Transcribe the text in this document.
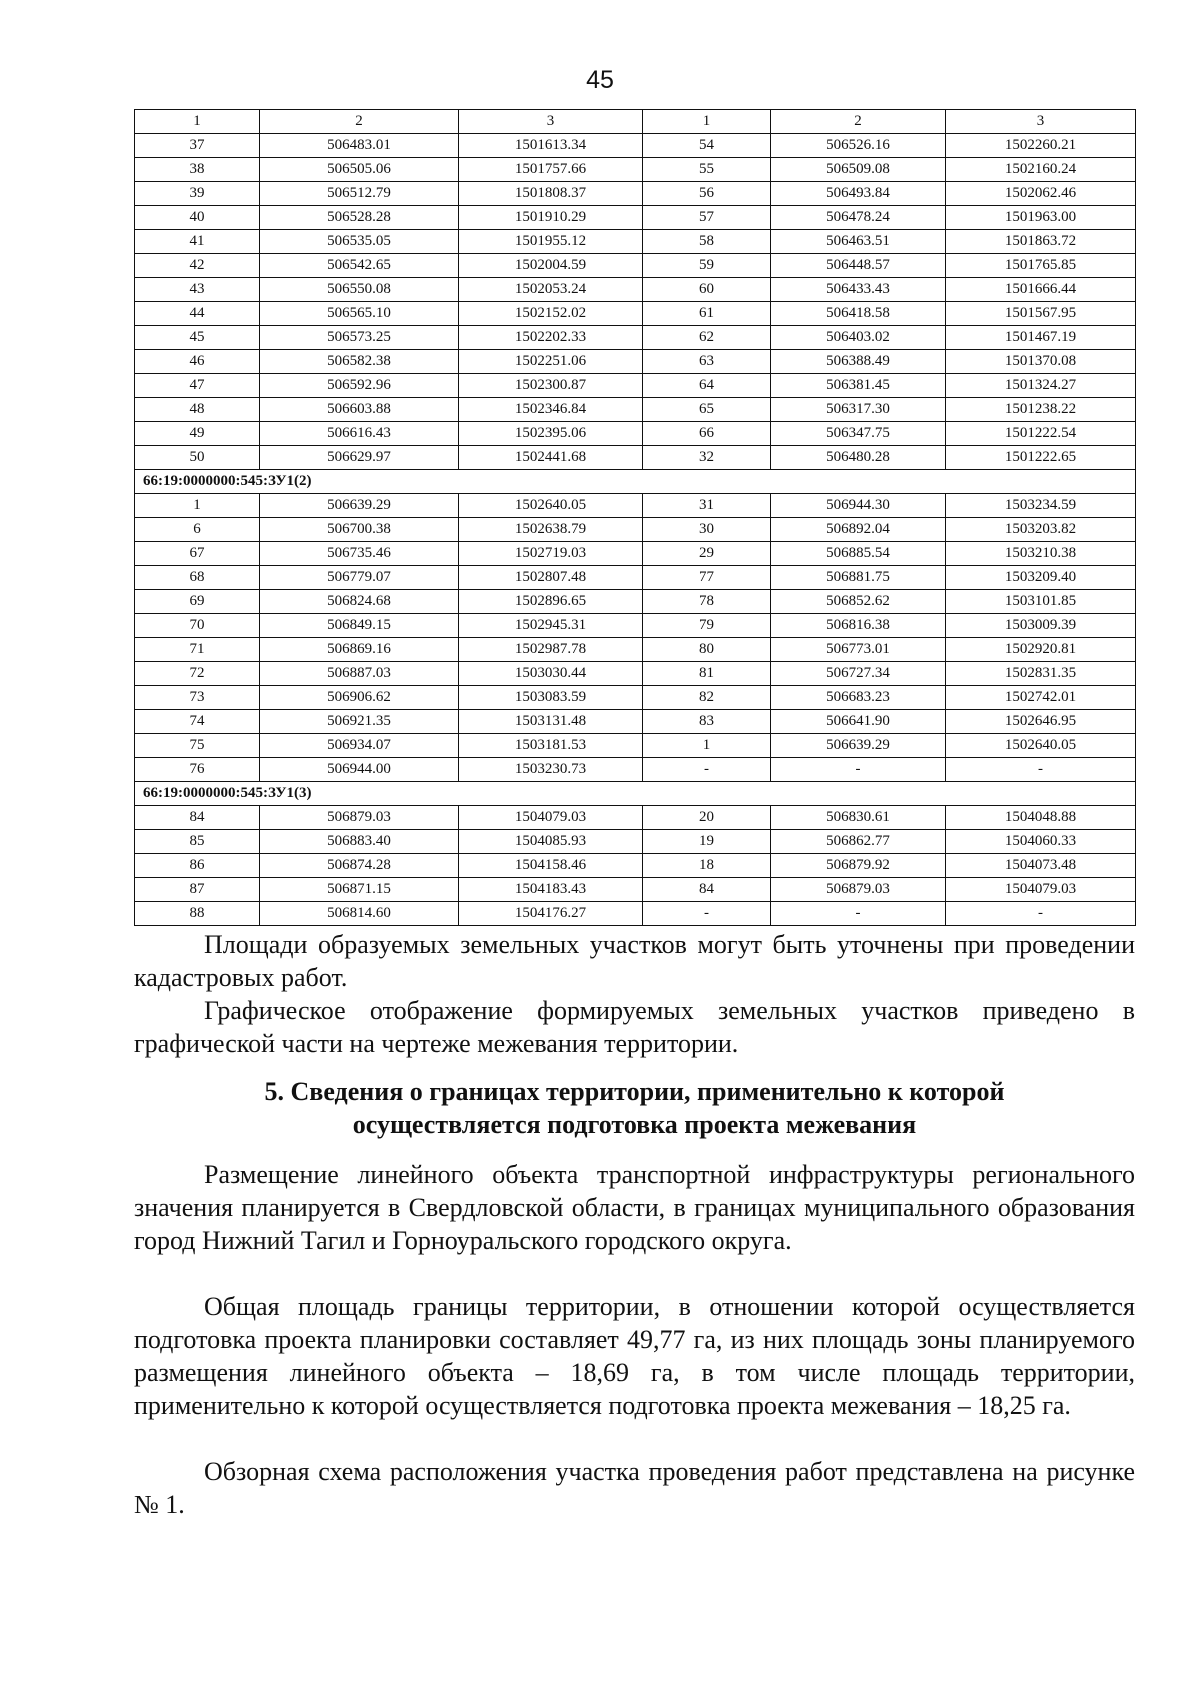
45
1	2	3	1	2	3
37	506483.01	1501613.34	54	506526.16	1502260.21
38	506505.06	1501757.66	55	506509.08	1502160.24
39	506512.79	1501808.37	56	506493.84	1502062.46
40	506528.28	1501910.29	57	506478.24	1501963.00
41	506535.05	1501955.12	58	506463.51	1501863.72
42	506542.65	1502004.59	59	506448.57	1501765.85
43	506550.08	1502053.24	60	506433.43	1501666.44
44	506565.10	1502152.02	61	506418.58	1501567.95
45	506573.25	1502202.33	62	506403.02	1501467.19
46	506582.38	1502251.06	63	506388.49	1501370.08
47	506592.96	1502300.87	64	506381.45	1501324.27
48	506603.88	1502346.84	65	506317.30	1501238.22
49	506616.43	1502395.06	66	506347.75	1501222.54
50	506629.97	1502441.68	32	506480.28	1501222.65
66:19:0000000:545:ЗУ1(2)					
1	506639.29	1502640.05	31	506944.30	1503234.59
6	506700.38	1502638.79	30	506892.04	1503203.82
67	506735.46	1502719.03	29	506885.54	1503210.38
68	506779.07	1502807.48	77	506881.75	1503209.40
69	506824.68	1502896.65	78	506852.62	1503101.85
70	506849.15	1502945.31	79	506816.38	1503009.39
71	506869.16	1502987.78	80	506773.01	1502920.81
72	506887.03	1503030.44	81	506727.34	1502831.35
73	506906.62	1503083.59	82	506683.23	1502742.01
74	506921.35	1503131.48	83	506641.90	1502646.95
75	506934.07	1503181.53	1	506639.29	1502640.05
76	506944.00	1503230.73	-	-	-
66:19:0000000:545:ЗУ1(3)					
84	506879.03	1504079.03	20	506830.61	1504048.88
85	506883.40	1504085.93	19	506862.77	1504060.33
86	506874.28	1504158.46	18	506879.92	1504073.48
87	506871.15	1504183.43	84	506879.03	1504079.03
88	506814.60	1504176.27	-	-	-
Площади образуемых земельных участков могут быть уточнены при проведении кадастровых работ.
Графическое отображение формируемых земельных участков приведено в графической части на чертеже межевания территории.
5. Сведения о границах территории, применительно к которой
осуществляется подготовка проекта межевания
Размещение линейного объекта транспортной инфраструктуры регионального значения планируется в Свердловской области, в границах муниципального образования город Нижний Тагил и Горноуральского городского округа.
Общая площадь границы территории, в отношении которой осуществляется подготовка проекта планировки составляет 49,77 га, из них площадь зоны планируемого размещения линейного объекта – 18,69 га, в том числе площадь территории, применительно к которой осуществляется подготовка проекта межевания – 18,25 га.
Обзорная схема расположения участка проведения работ представлена на рисунке № 1.
